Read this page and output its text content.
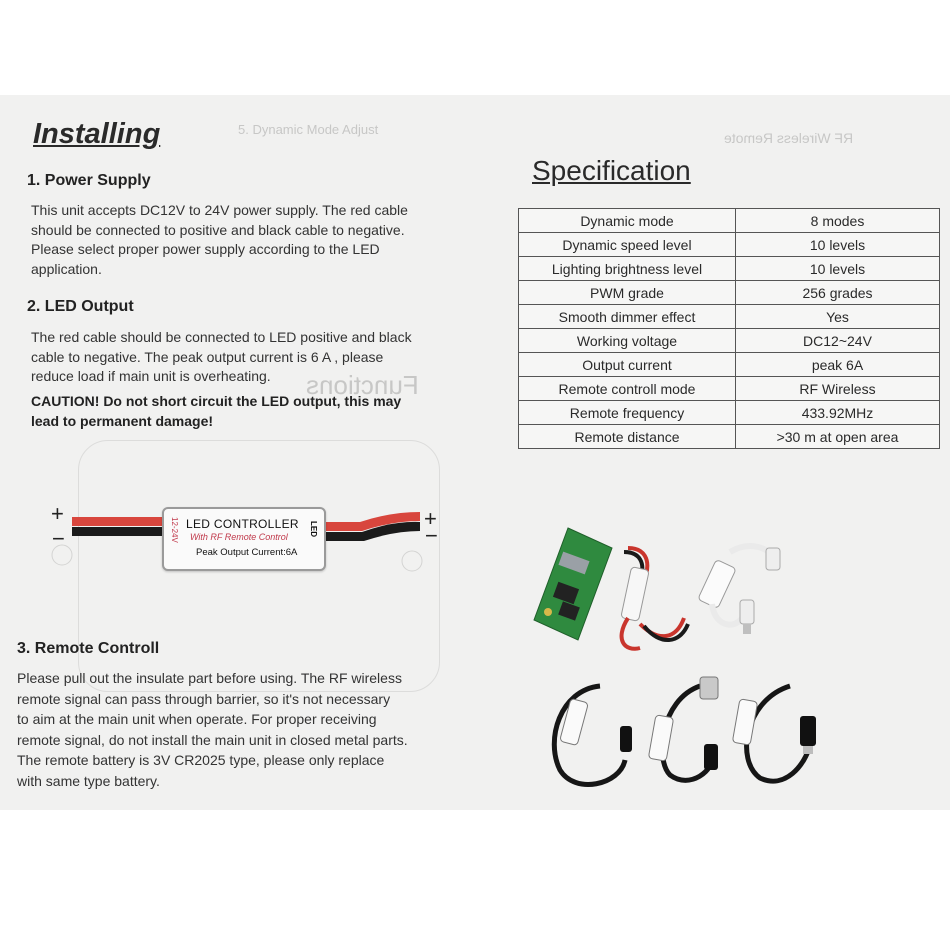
5. Dynamic Mode Adjust
RF Wireless Remote
Functions
Installing
1. Power Supply

This unit accepts DC12V to 24V power supply. The red cable
should be connected to positive and black cable to negative.
Please select proper power supply according to the LED
application.

2. LED Output

The red cable should be connected to LED positive and black
cable to negative. The peak output current is 6 A , please
reduce load if main unit is overheating.

CAUTION! Do not short circuit the LED output, this may
lead to permanent damage!

+
−
+
−
12-24V LED CONTROLLER
With RF Remote Control
Peak Output Current:6A
LED
3. Remote Controll

Please pull out the insulate part before using. The RF wireless
remote signal can pass through barrier, so it's not necessary
to aim at the main unit when operate. For proper receiving
remote signal, do not install the main unit in closed metal parts.
The remote battery is 3V CR2025 type, please only replace
with same type battery.

Specification
Dynamic mode	8 modes
Dynamic speed level	10 levels
Lighting brightness level	10 levels
PWM grade	256 grades
Smooth dimmer effect	Yes
Working voltage	DC12~24V
Output current	peak 6A
Remote controll mode	RF Wireless
Remote frequency	433.92MHz
Remote distance	>30 m at open area
